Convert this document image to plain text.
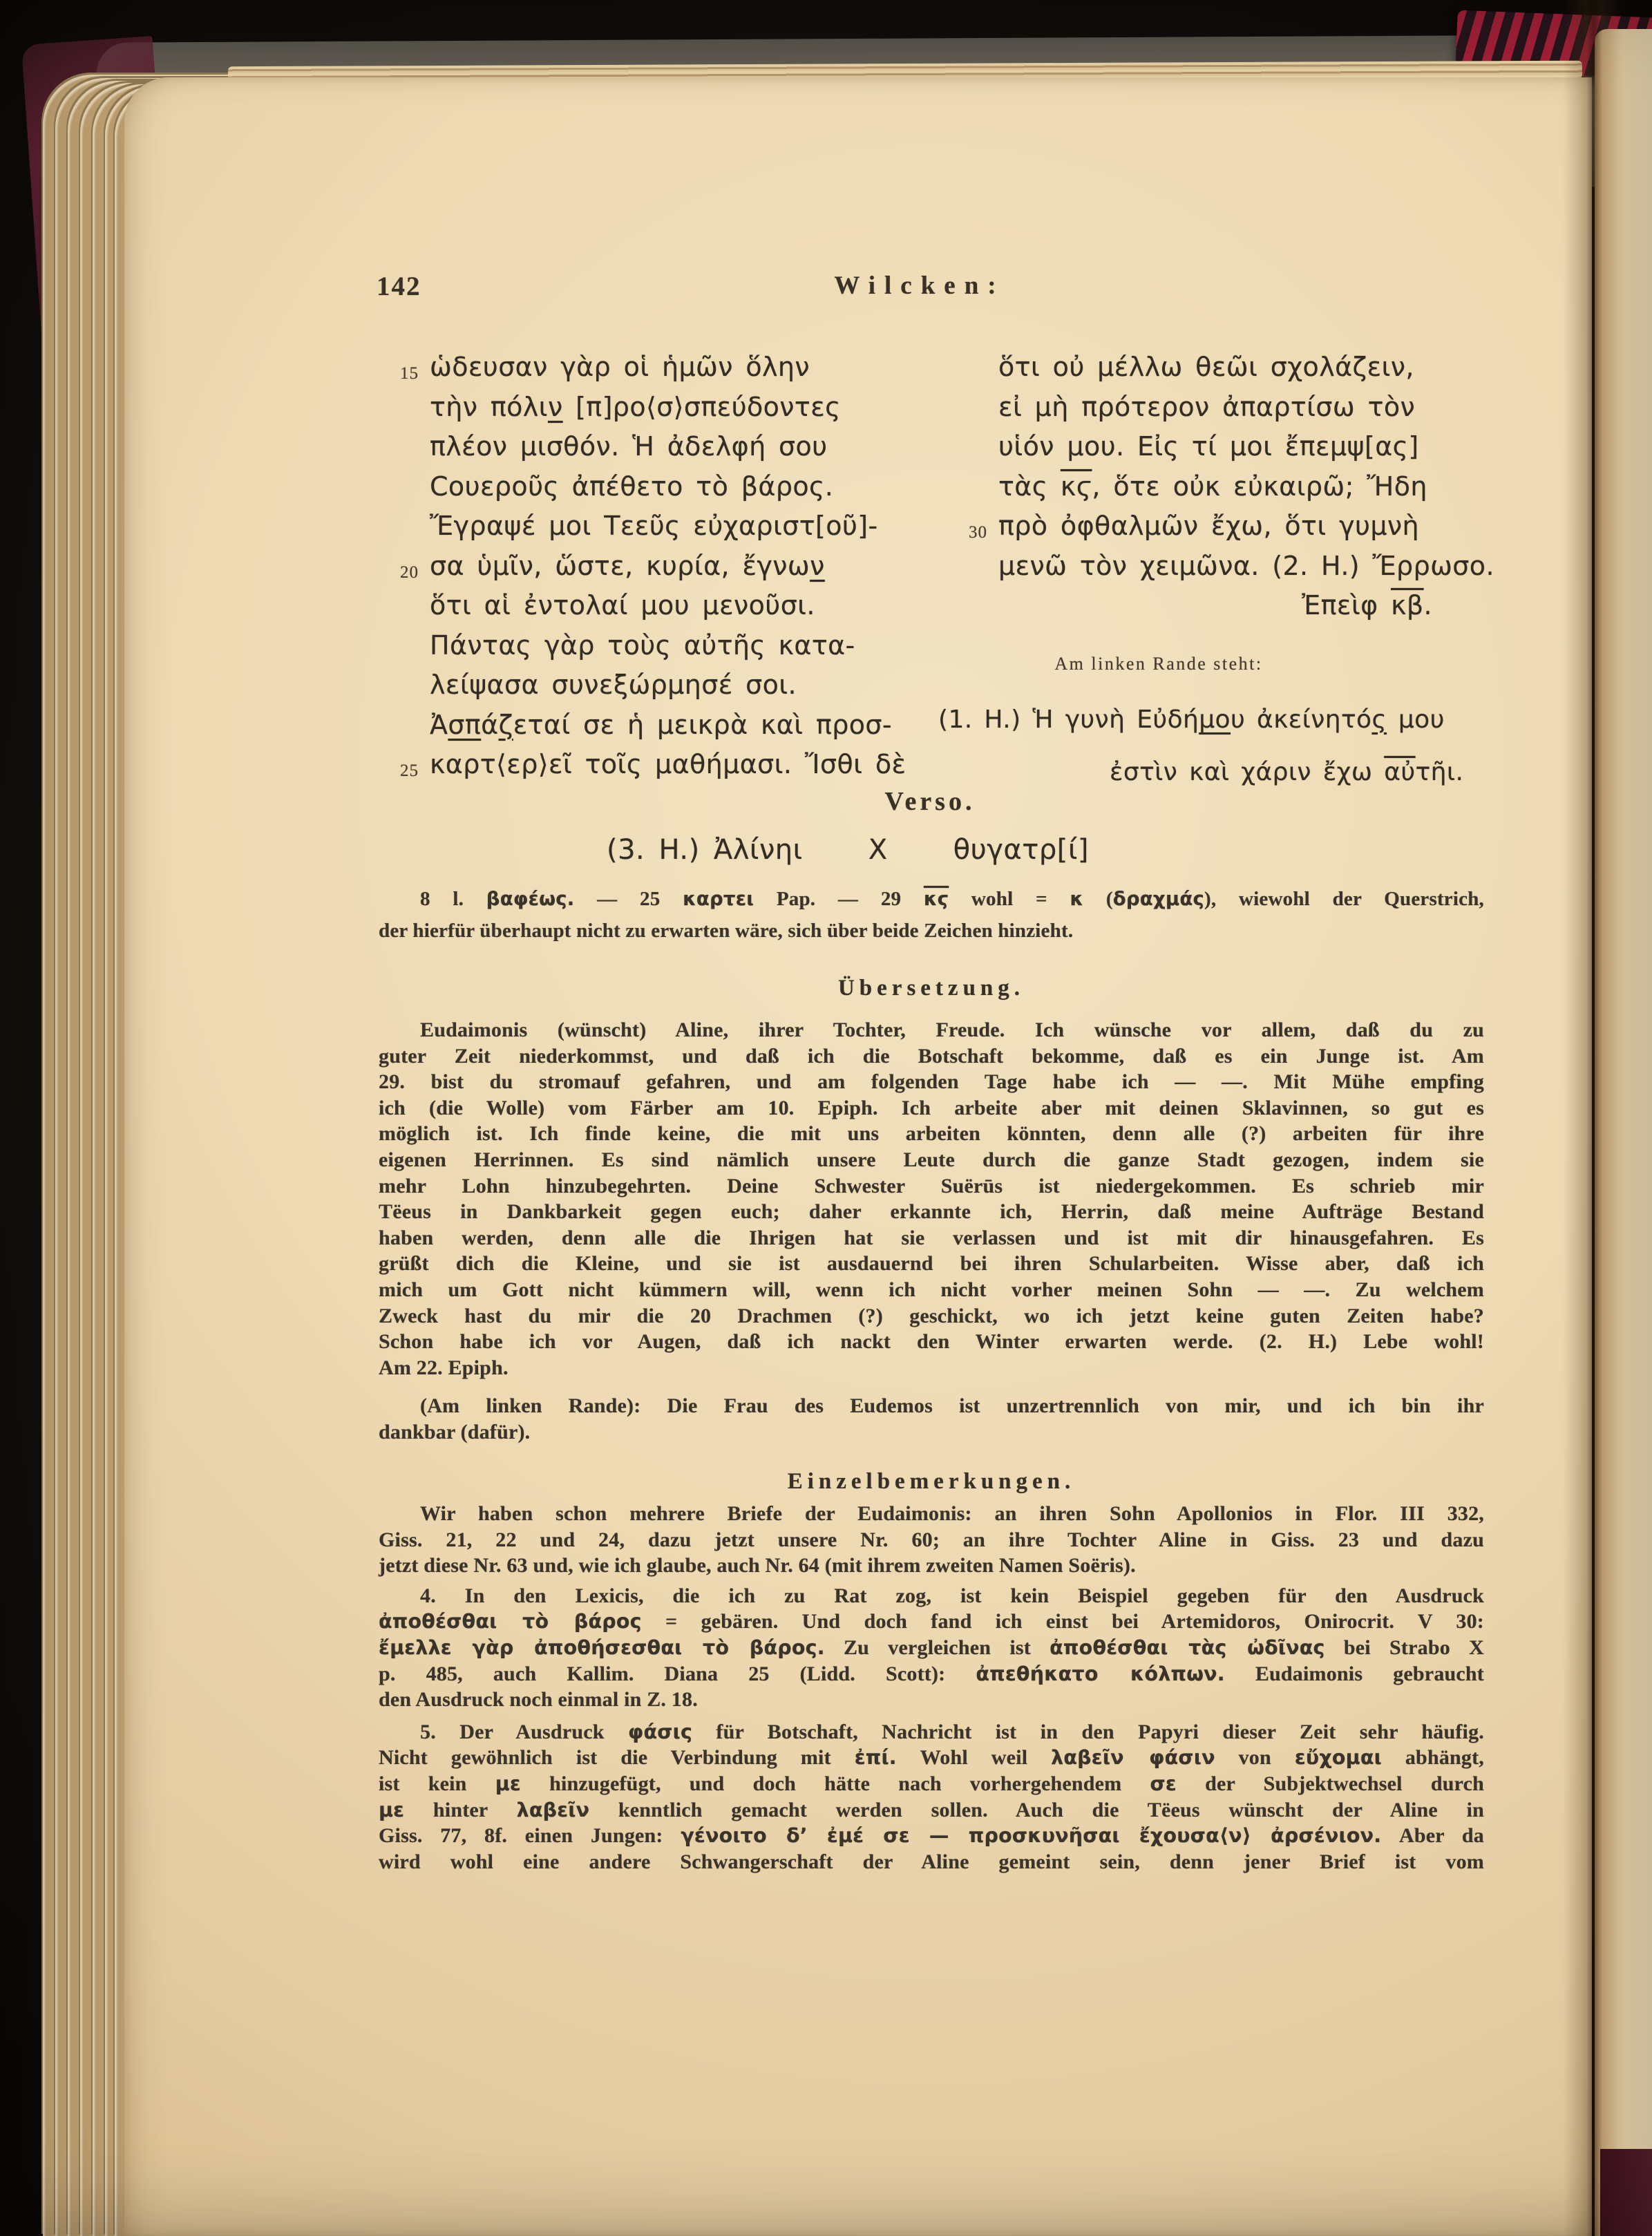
142	Wilcken:
15 ὡδευσαν γὰρ οἱ ἡμῶν ὅλην
τὴν πόλιν [π]ρο⟨σ⟩σπεύδοντες
πλέον μισθόν. Ἡ ἀδελφή σου
Ϲουεροῦς ἀπέθετο τὸ βάρος.
Ἔγραψέ μοι Τεεῦς εὐχαριστ[οῦ]-
20 σα ὑμῖν, ὥστε, κυρία, ἔγνων
ὅτι αἱ ἐντολαί μου μενοῦσι.
Πάντας γὰρ τοὺς αὐτῆς κατα-
λείψασα συνεξώρμησέ σοι.
Ἀσπάζεταί σε ἡ μεικρὰ καὶ προσ-
25 καρτ⟨ερ⟩εῖ τοῖς μαθήμασι. Ἴσθι δὲ
ὅτι οὐ μέλλω θεῶι σχολάζειν,
εἰ μὴ πρότερον ἀπαρτίσω τὸν
υἱόν μου. Εἰς τί μοι ἔπεμψ[ας]
τὰς $\overline{\kappa ϛ}$, ὅτε οὐκ εὐκαιρῶ; Ἤδη
30 πρὸ ὀφθαλμῶν ἔχω, ὅτι γυμνὴ
μενῶ τὸν χειμῶνα. (2. H.) Ἔρρωσο.
Ἐπεὶφ $\overline{\kappa\beta}$.
Am linken Rande steht:
(1. H.) Ἡ γυνὴ Εὐδήμου ἀκείνητός μου
ἐστὶν καὶ χάριν ἔχω $\overline{\alpha ὐ}\tau ῆ\iota$.
Verso.
(3. H.) Ἀλίνηι Χ θυγατρ[ί]
8 l. βαφέως. — 25 καρτει Pap. — 29 $\overline{\kappa ϛ}$ wohl = κ (δραχμάς), wiewohl der Querstrich,
der hierfür überhaupt nicht zu erwarten wäre, sich über beide Zeichen hinzieht.
Übersetzung.
Eudaimonis (wünscht) Aline, ihrer Tochter, Freude. Ich wünsche vor allem, daß du zu
guter Zeit niederkommst, und daß ich die Botschaft bekomme, daß es ein Junge ist. Am
29. bist du stromauf gefahren, und am folgenden Tage habe ich — —. Mit Mühe empfing
ich (die Wolle) vom Färber am 10. Epiph. Ich arbeite aber mit deinen Sklavinnen, so gut es
möglich ist. Ich finde keine, die mit uns arbeiten könnten, denn alle (?) arbeiten für ihre
eigenen Herrinnen. Es sind nämlich unsere Leute durch die ganze Stadt gezogen, indem sie
mehr Lohn hinzubegehrten. Deine Schwester Suërūs ist niedergekommen. Es schrieb mir
Tëeus in Dankbarkeit gegen euch; daher erkannte ich, Herrin, daß meine Aufträge Bestand
haben werden, denn alle die Ihrigen hat sie verlassen und ist mit dir hinausgefahren. Es
grüßt dich die Kleine, und sie ist ausdauernd bei ihren Schularbeiten. Wisse aber, daß ich
mich um Gott nicht kümmern will, wenn ich nicht vorher meinen Sohn — —. Zu welchem
Zweck hast du mir die 20 Drachmen (?) geschickt, wo ich jetzt keine guten Zeiten habe?
Schon habe ich vor Augen, daß ich nackt den Winter erwarten werde. (2. H.) Lebe wohl!
Am 22. Epiph.
(Am linken Rande): Die Frau des Eudemos ist unzertrennlich von mir, und ich bin ihr
dankbar (dafür).
Einzelbemerkungen.
Wir haben schon mehrere Briefe der Eudaimonis: an ihren Sohn Apollonios in Flor. III 332,
Giss. 21, 22 und 24, dazu jetzt unsere Nr. 60; an ihre Tochter Aline in Giss. 23 und dazu
jetzt diese Nr. 63 und, wie ich glaube, auch Nr. 64 (mit ihrem zweiten Namen Soëris).
4. In den Lexicis, die ich zu Rat zog, ist kein Beispiel gegeben für den Ausdruck
ἀποθέσθαι τὸ βάρος = gebären. Und doch fand ich einst bei Artemidoros, Onirocrit. V 30:
ἔμελλε γὰρ ἀποθήσεσθαι τὸ βάρος. Zu vergleichen ist ἀποθέσθαι τὰς ὠδῖνας bei Strabo X
p. 485, auch Kallim. Diana 25 (Lidd. Scott): ἀπεθήκατο κόλπων. Eudaimonis gebraucht
den Ausdruck noch einmal in Z. 18.
5. Der Ausdruck φάσις für Botschaft, Nachricht ist in den Papyri dieser Zeit sehr häufig.
Nicht gewöhnlich ist die Verbindung mit ἐπί. Wohl weil λαβεῖν φάσιν von εὔχομαι abhängt,
ist kein με hinzugefügt, und doch hätte nach vorhergehendem σε der Subjektwechsel durch
με hinter λαβεῖν kenntlich gemacht werden sollen. Auch die Tëeus wünscht der Aline in
Giss. 77, 8f. einen Jungen: γένοιτο δ’ ἐμέ σε — προσκυνῆσαι ἔχουσα⟨ν⟩ ἀρσένιον. Aber da
wird wohl eine andere Schwangerschaft der Aline gemeint sein, denn jener Brief ist vom
